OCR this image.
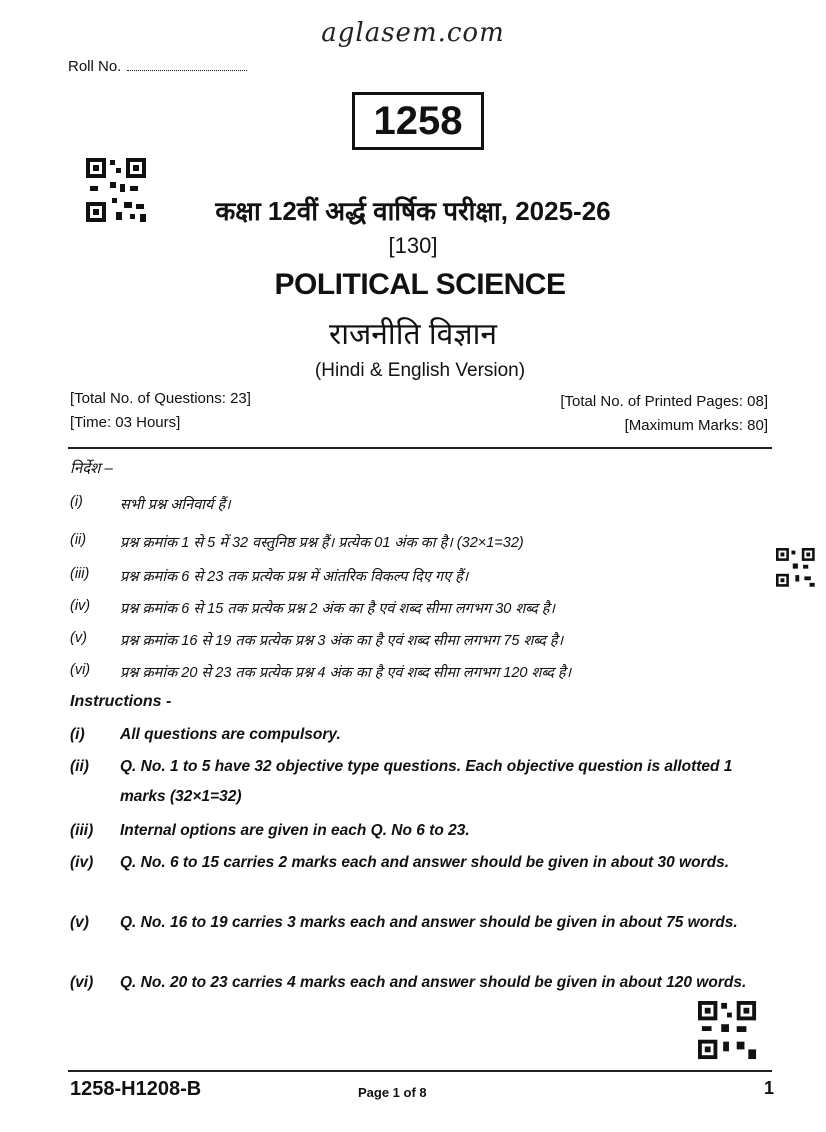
aglasem.com
Roll No.
1258
कक्षा 12वीं अर्द्ध वार्षिक परीक्षा, 2025-26
[130]
POLITICAL SCIENCE
राजनीति विज्ञान
(Hindi & English Version)
[Total No. of Questions: 23]
[Time: 03 Hours]
[Total No. of Printed Pages: 08]
[Maximum Marks: 80]
निर्देश –
(i)	सभी प्रश्न अनिवार्य हैं।
(ii)	प्रश्न क्रमांक 1 से 5 में 32 वस्तुनिष्ठ प्रश्न हैं। प्रत्येक 01 अंक का है। (32×1=32)
(iii)	प्रश्न क्रमांक 6 से 23 तक प्रत्येक प्रश्न में आंतरिक विकल्प दिए गए हैं।
(iv)	प्रश्न क्रमांक 6 से 15 तक प्रत्येक प्रश्न 2 अंक का है एवं शब्द सीमा लगभग 30 शब्द है।
(v)	प्रश्न क्रमांक 16 से 19 तक प्रत्येक प्रश्न 3 अंक का है एवं शब्द सीमा लगभग 75 शब्द है।
(vi)	प्रश्न क्रमांक 20 से 23 तक प्रत्येक प्रश्न 4 अंक का है एवं शब्द सीमा लगभग 120 शब्द है।
Instructions -
(i)	All questions are compulsory.
(ii)	Q. No. 1 to 5 have 32 objective type questions. Each objective question is allotted 1 marks (32×1=32)
(iii)	Internal options are given in each Q. No 6 to 23.
(iv)	Q. No. 6 to 15 carries 2 marks each and answer should be given in about 30 words.
(v)	Q. No. 16 to 19 carries 3 marks each and answer should be given in about 75 words.
(vi)	Q. No. 20 to 23 carries 4 marks each and answer should be given in about 120 words.
1258-H1208-B	Page 1 of 8	1
